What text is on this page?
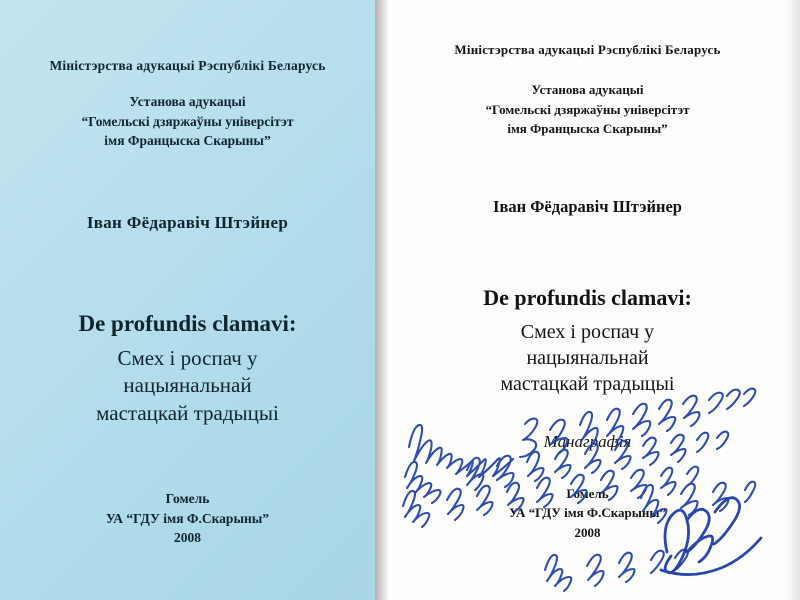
Міністэрства адукацыі Рэспублікі Беларусь
Установа адукацыі
“Гомельскі дзяржаўны універсітэт
імя Францыска Скарыны”
Іван Фёдаравіч Штэйнер
De profundis clamavi:
Смех і роспач у
нацыянальнай
мастацкай традыцыі
Гомель
УА “ГДУ імя Ф.Скарыны”
2008
Міністэрства адукацыі Рэспублікі Беларусь
Установа адукацыі
“Гомельскі дзяржаўны універсітэт
імя Францыска Скарыны”
Іван Фёдаравіч Штэйнер
De profundis clamavi:
Смех і роспач у
нацыянальнай
мастацкай традыцыі
Манаграфія
Гомель
УА “ГДУ імя Ф.Скарыны”
2008
